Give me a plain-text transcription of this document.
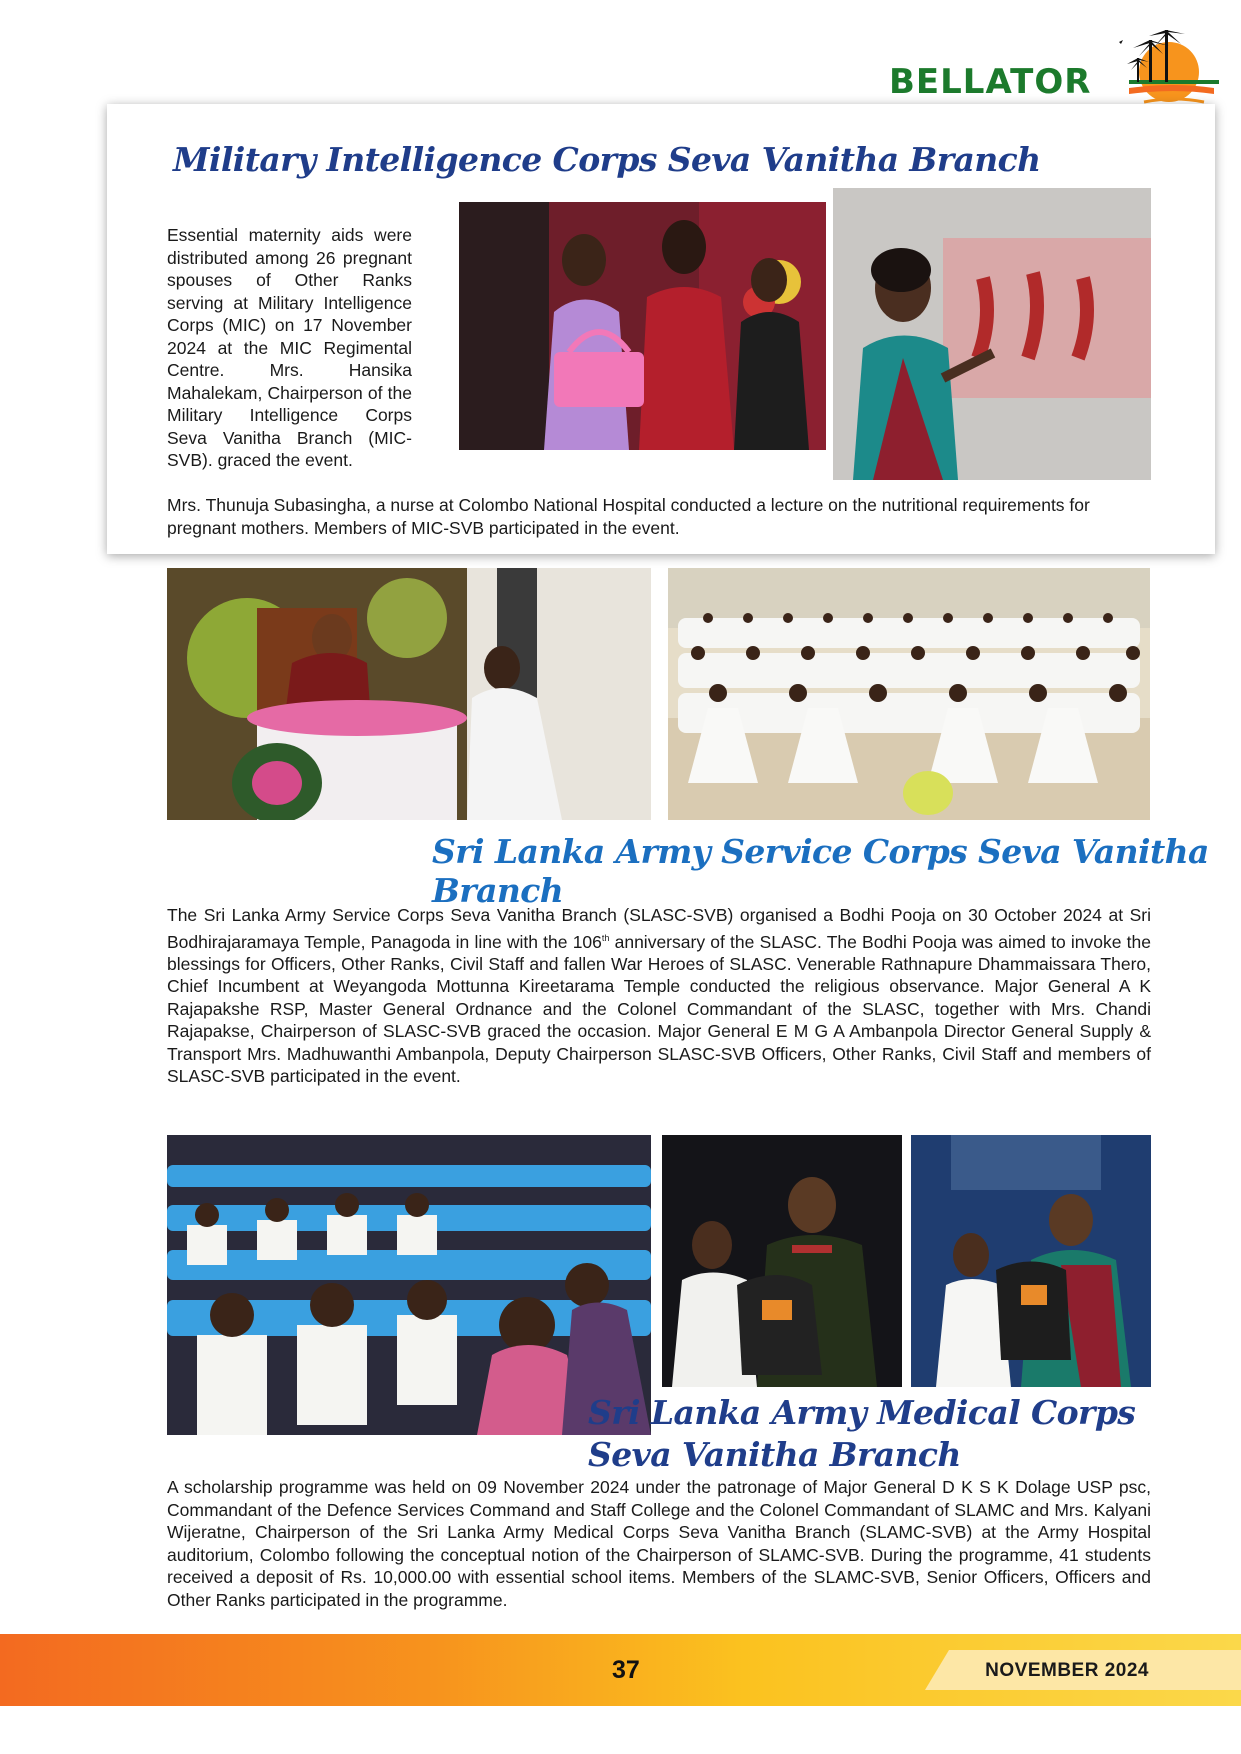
BELLATOR
Military Intelligence Corps Seva Vanitha Branch

Essential maternity aids were distributed among 26 pregnant spouses of Other Ranks serving at Military Intelligence Corps (MIC) on 17 November 2024 at the MIC Regimental Centre. Mrs. Hansika Mahalekam, Chairperson of the Military Intelligence Corps Seva Vanitha Branch (MIC-SVB). graced the event.

Mrs. Thunuja Subasingha, a nurse at Colombo National Hospital conducted a lecture on the nutritional requirements for pregnant mothers. Members of MIC-SVB participated in the event.

Sri Lanka Army Service Corps Seva Vanitha Branch

The Sri Lanka Army Service Corps Seva Vanitha Branch (SLASC-SVB) organised a Bodhi Pooja on 30 October 2024 at Sri Bodhirajaramaya Temple, Panagoda in line with the 106th anniversary of the SLASC. The Bodhi Pooja was aimed to invoke the blessings for Officers, Other Ranks, Civil Staff and fallen War Heroes of SLASC. Venerable Rathnapure Dhammaissara Thero, Chief Incumbent at Weyangoda Mottunna Kireetarama Temple conducted the religious observance. Major General A K Rajapakshe RSP, Master General Ordnance and the Colonel Commandant of the SLASC, together with Mrs. Chandi Rajapakse, Chairperson of SLASC-SVB graced the occasion. Major General E M G A Ambanpola Director General Supply & Transport Mrs. Madhuwanthi Ambanpola, Deputy Chairperson SLASC-SVB Officers, Other Ranks, Civil Staff and members of SLASC-SVB participated in the event.

Sri Lanka Army Medical Corps
Seva Vanitha Branch

A scholarship programme was held on 09 November 2024 under the patronage of Major General D K S K Dolage USP psc, Commandant of the Defence Services Command and Staff College and the Colonel Commandant of SLAMC and Mrs. Kalyani Wijeratne, Chairperson of the Sri Lanka Army Medical Corps Seva Vanitha Branch (SLAMC-SVB) at the Army Hospital auditorium, Colombo following the conceptual notion of the Chairperson of SLAMC-SVB. During the programme, 41 students received a deposit of Rs. 10,000.00 with essential school items. Members of the SLAMC-SVB, Senior Officers, Officers and Other Ranks participated in the programme.

37	NOVEMBER 2024
